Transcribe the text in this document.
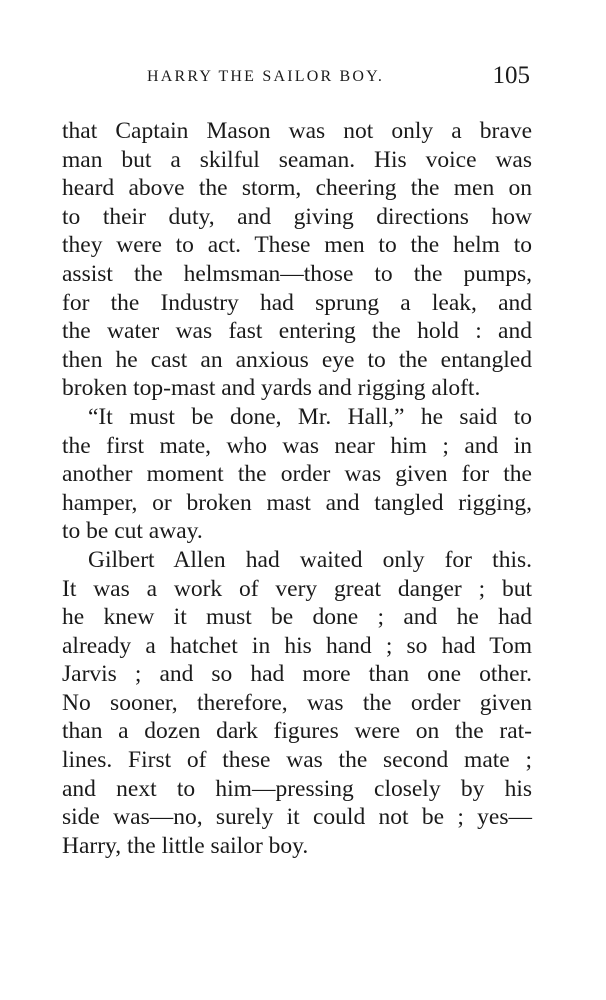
HARRY THE SAILOR BOY.	105
that Captain Mason was not only a brave
man but a skilful seaman. His voice was
heard above the storm, cheering the men on
to their duty, and giving directions how
they were to act. These men to the helm to
assist the helmsman—those to the pumps,
for the Industry had sprung a leak, and
the water was fast entering the hold : and
then he cast an anxious eye to the entangled
broken top-mast and yards and rigging aloft.
“It must be done, Mr. Hall,” he said to
the first mate, who was near him ; and in
another moment the order was given for the
hamper, or broken mast and tangled rigging,
to be cut away.
Gilbert Allen had waited only for this.
It was a work of very great danger ; but
he knew it must be done ; and he had
already a hatchet in his hand ; so had Tom
Jarvis ; and so had more than one other.
No sooner, therefore, was the order given
than a dozen dark figures were on the rat-
lines. First of these was the second mate ;
and next to him—pressing closely by his
side was—no, surely it could not be ; yes—
Harry, the little sailor boy.
